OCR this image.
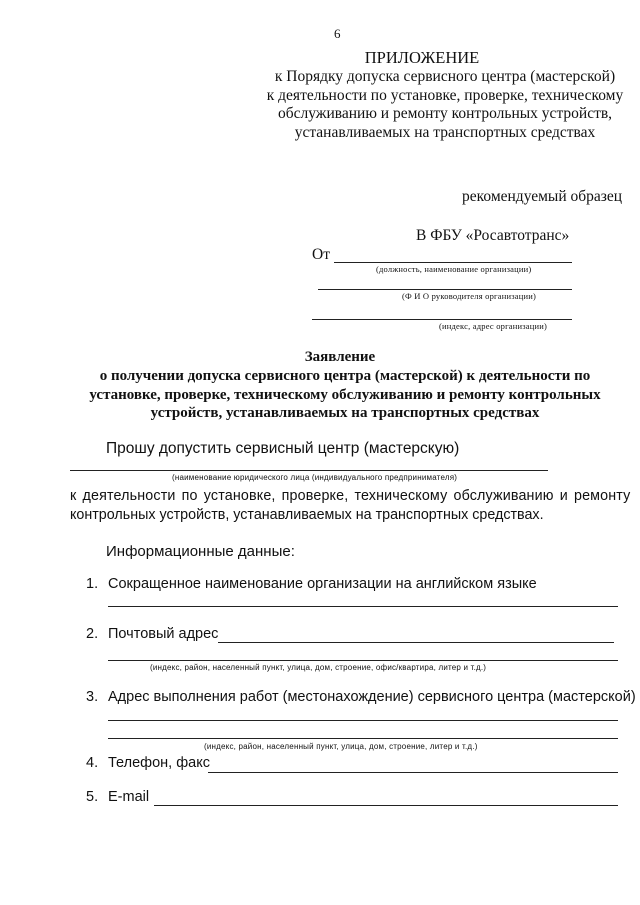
6
ПРИЛОЖЕНИЕ
к Порядку допуска сервисного центра (мастерской)
к деятельности по установке, проверке, техническому
обслуживанию и ремонту контрольных устройств,
устанавливаемых на транспортных средствах
рекомендуемый образец
В ФБУ «Росавтотранс»
От
(должность, наименование организации)
(Ф И О руководителя организации)
(индекс, адрес организации)
Заявление
о получении допуска сервисного центра (мастерской) к деятельности по
установке, проверке, техническому обслуживанию и ремонту контрольных
устройств, устанавливаемых на транспортных средствах
Прошу допустить сервисный центр (мастерскую)
(наименование юридического лица (индивидуального предпринимателя)
к деятельности по установке, проверке, техническому обслуживанию и ремонту
контрольных устройств, устанавливаемых на транспортных средствах.
Информационные данные:
1. Сокращенное наименование организации на английском языке
2. Почтовый адрес
(индекс, район, населенный пункт, улица, дом, строение, офис/квартира, литер и т.д.)
3. Адрес выполнения работ (местонахождение) сервисного центра (мастерской)
(индекс, район, населенный пункт, улица, дом, строение, литер и т.д.)
4. Телефон, факс
5. E-mail
